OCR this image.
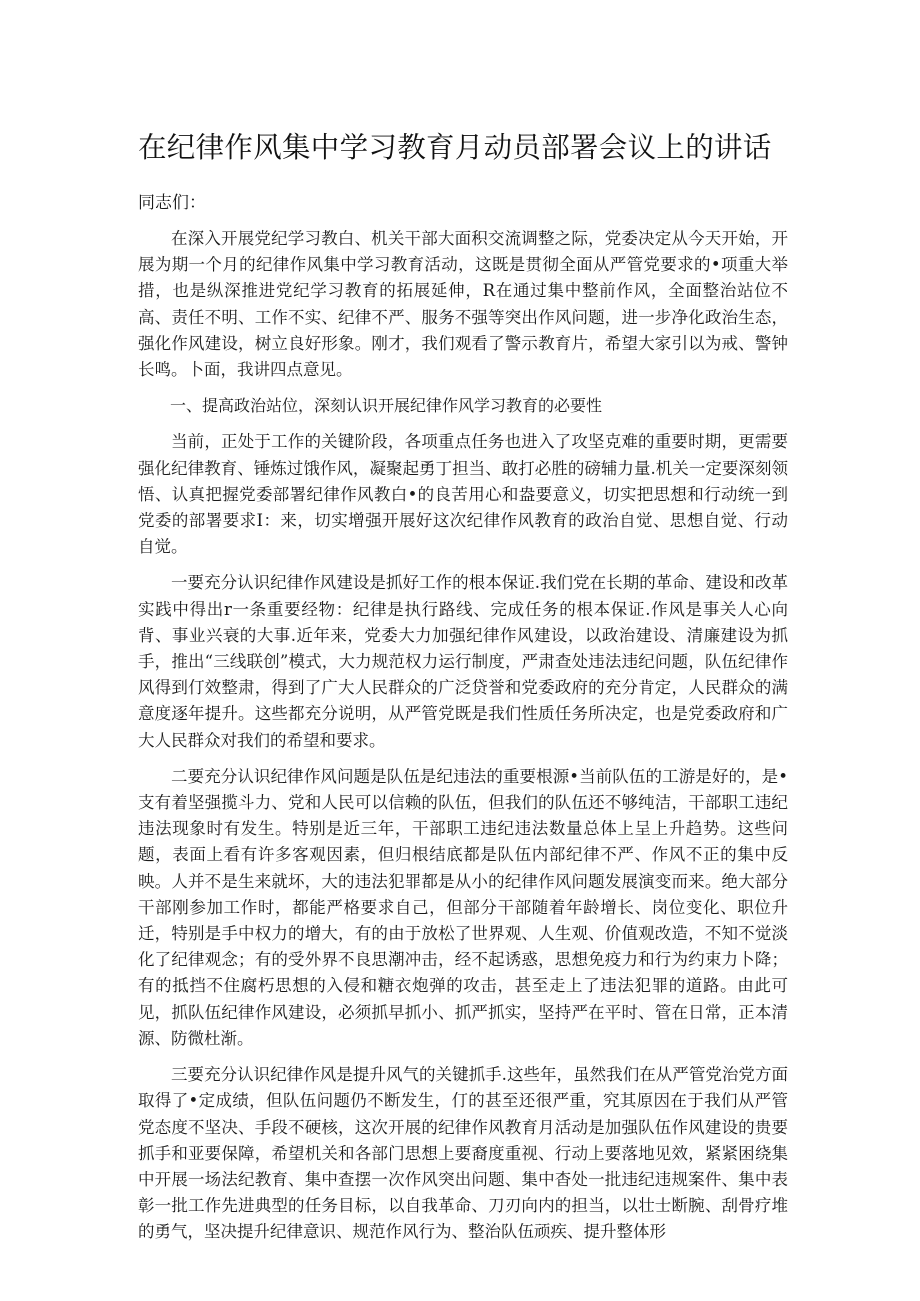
在纪律作风集中学习教育月动员部署会议上的讲话

同志们：

在深入开展党纪学习教白、机关干部大面积交流调整之际，党委决定从今天开始，开展为期一个月的纪律作风集中学习教育活动，这既是贯彻全面从严管党要求的•项重大举措，也是纵深推进党纪学习教育的拓展延伸，R在通过集中整前作风，全面整治站位不高、责任不明、工作不实、纪律不严、服务不强等突出作风问题，进一步净化政治生态，强化作风建设，树立良好形象。刚才，我们观看了警示教育片，希望大家引以为戒、警钟长鸣。卜面，我讲四点意见。

一、提高政治站位，深刻认识开展纪律作风学习教育的必要性

当前，正处于工作的关键阶段，各项重点任务也进入了攻坚克难的重要时期，更需要强化纪律教育、锤炼过饿作风，凝聚起勇丁担当、敢打必胜的磅辅力量.机关一定要深刻领悟、认真把握党委部署纪律作风教白•的良苦用心和盎要意义，切实把思想和行动统一到党委的部署要求I：来，切实增强开展好这次纪律作风教育的政治自觉、思想自觉、行动自觉。

一要充分认识纪律作风建设是抓好工作的根本保证.我们党在长期的革命、建设和改革实践中得出r一条重要经物：纪律是执行路线、完成任务的根本保证.作风是事关人心向背、事业兴衰的大事.近年来，党委大力加强纪律作风建设，以政治建设、清廉建设为抓手，推出“三线联创”模式，大力规范权力运行制度，严肃查处违法违纪问题，队伍纪律作风得到仃效整肃，得到了广大人民群众的广泛贷誉和党委政府的充分肯定，人民群众的满意度逐年提升。这些都充分说明，从严管党既是我们性质任务所决定，也是党委政府和广大人民群众对我们的希望和要求。

二要充分认识纪律作风问题是队伍是纪违法的重要根源•当前队伍的工游是好的，是•支有着坚强揽斗力、党和人民可以信赖的队伍，但我们的队伍还不够纯洁，干部职工违纪违法现象时有发生。特别是近三年，干部职工违纪违法数量总体上呈上升趋势。这些问题，表面上看有许多客观因素，但归根结底都是队伍内部纪律不严、作风不正的集中反映。人并不是生来就坏，大的违法犯罪都是从小的纪律作风问题发展演变而来。绝大部分干部刚参加工作时，都能严格要求自己，但部分干部随着年龄增长、岗位变化、职位升迁，特别是手中权力的增大，有的由于放松了世界观、人生观、价值观改造，不知不觉淡化了纪律观念；有的受外界不良思潮冲击，经不起诱惑，思想免疫力和行为约束力卜降；有的抵挡不住腐朽思想的入侵和糖衣炮弹的攻击，甚至走上了违法犯罪的道路。由此可见，抓队伍纪律作风建设，必须抓早抓小、抓严抓实，坚持严在平时、管在日常，正本清源、防微杜渐。

三要充分认识纪律作风是提升风气的关键抓手.这些年，虽然我们在从严管党治党方面取得了•定成绩，但队伍问题仍不断发生，仃的甚至还很严重，究其原因在于我们从严管党态度不坚决、手段不硬核，这次开展的纪律作风教育月活动是加强队伍作风建设的贵要抓手和亚要保障，希望机关和各部门思想上要裔度重视、行动上要落地见效，紧紧困绕集中开展一场法纪教育、集中查摆一次作风突出问题、集中杳处一批违纪违规案件、集中表彰一批工作先进典型的任务目标，以自我革命、刀刃向内的担当，以壮士断腕、刮骨疗堆的勇气，坚决提升纪律意识、规范作风行为、整治队伍顽疾、提升整体形
